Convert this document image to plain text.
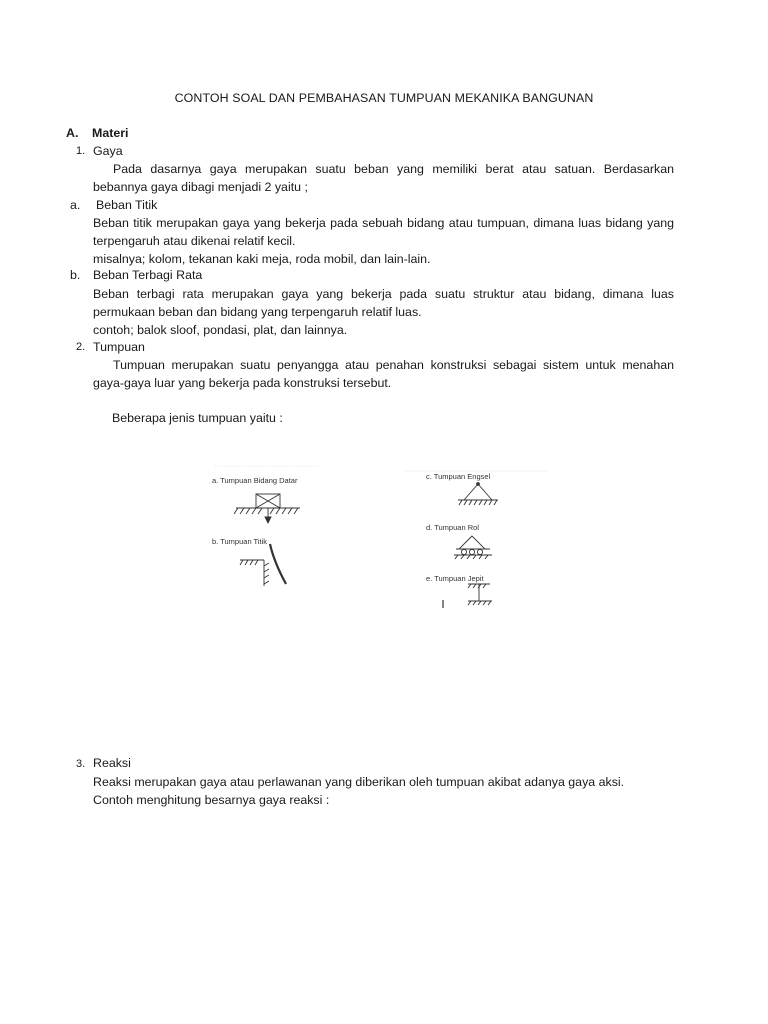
CONTOH SOAL DAN PEMBAHASAN TUMPUAN MEKANIKA BANGUNAN
A. Materi
1. Gaya

Pada dasarnya gaya merupakan suatu beban yang memiliki berat atau satuan. Berdasarkan bebannya gaya dibagi menjadi 2 yaitu ;

a. Beban Titik

Beban titik merupakan gaya yang bekerja pada sebuah bidang atau tumpuan, dimana luas bidang yang terpengaruh atau dikenai relatif kecil.

misalnya; kolom, tekanan kaki meja, roda mobil, dan lain-lain.

b. Beban Terbagi Rata

Beban terbagi rata merupakan gaya yang bekerja pada suatu struktur atau bidang, dimana luas permukaan beban dan bidang yang terpengaruh relatif luas.

contoh; balok sloof, pondasi, plat, dan lainnya.

2. Tumpuan

Tumpuan merupakan suatu penyangga atau penahan konstruksi sebagai sistem untuk menahan gaya-gaya luar yang bekerja pada konstruksi tersebut.

Beberapa jenis tumpuan yaitu :
a. Tumpuan Bidang Datar
b. Tumpuan Titik
c. Tumpuan Engsel
d. Tumpuan Rol
e. Tumpuan Jepit
3. Reaksi
Reaksi merupakan gaya atau perlawanan yang diberikan oleh tumpuan akibat adanya gaya aksi.
Contoh menghitung besarnya gaya reaksi :
